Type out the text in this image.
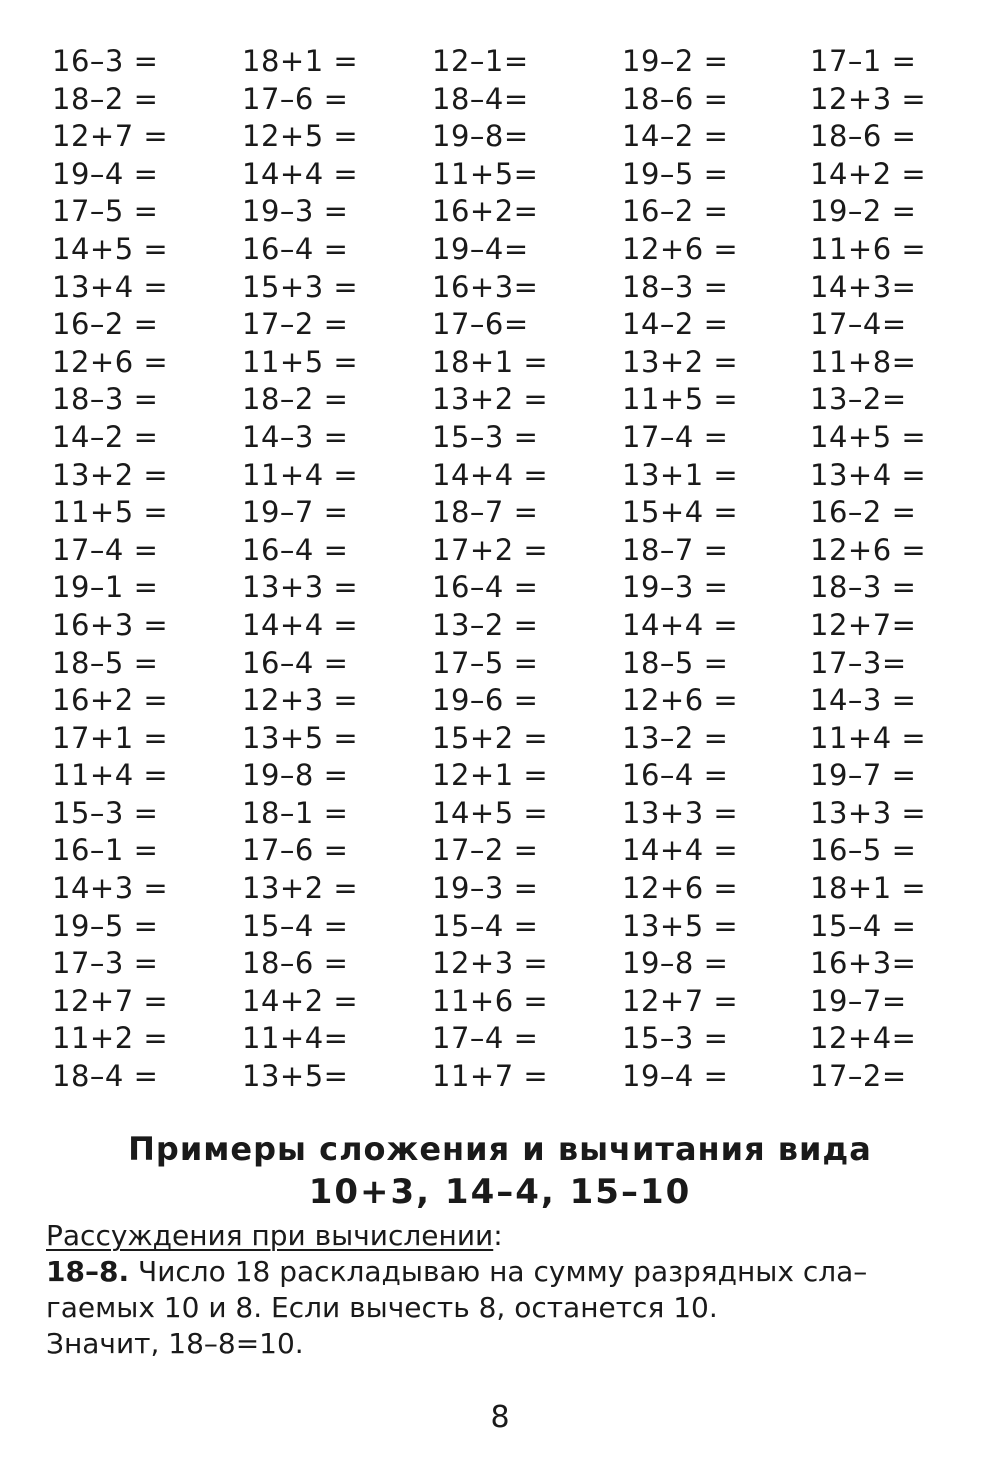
16–3 =
18–2 =
12+7 =
19–4 =
17–5 =
14+5 =
13+4 =
16–2 =
12+6 =
18–3 =
14–2 =
13+2 =
11+5 =
17–4 =
19–1 =
16+3 =
18–5 =
16+2 =
17+1 =
11+4 =
15–3 =
16–1 =
14+3 =
19–5 =
17–3 =
12+7 =
11+2 =
18–4 =
18+1 =
17–6 =
12+5 =
14+4 =
19–3 =
16–4 =
15+3 =
17–2 =
11+5 =
18–2 =
14–3 =
11+4 =
19–7 =
16–4 =
13+3 =
14+4 =
16–4 =
12+3 =
13+5 =
19–8 =
18–1 =
17–6 =
13+2 =
15–4 =
18–6 =
14+2 =
11+4=
13+5=
12–1=
18–4=
19–8=
11+5=
16+2=
19–4=
16+3=
17–6=
18+1 =
13+2 =
15–3 =
14+4 =
18–7 =
17+2 =
16–4 =
13–2 =
17–5 =
19–6 =
15+2 =
12+1 =
14+5 =
17–2 =
19–3 =
15–4 =
12+3 =
11+6 =
17–4 =
11+7 =
19–2 =
18–6 =
14–2 =
19–5 =
16–2 =
12+6 =
18–3 =
14–2 =
13+2 =
11+5 =
17–4 =
13+1 =
15+4 =
18–7 =
19–3 =
14+4 =
18–5 =
12+6 =
13–2 =
16–4 =
13+3 =
14+4 =
12+6 =
13+5 =
19–8 =
12+7 =
15–3 =
19–4 =
17–1 =
12+3 =
18–6 =
14+2 =
19–2 =
11+6 =
14+3=
17–4=
11+8=
13–2=
14+5 =
13+4 =
16–2 =
12+6 =
18–3 =
12+7=
17–3=
14–3 =
11+4 =
19–7 =
13+3 =
16–5 =
18+1 =
15–4 =
16+3=
19–7=
12+4=
17–2=
Примеры сложения и вычитания вида
10+3, 14–4, 15–10
Рассуждения при вычислении:
18–8. Число 18 раскладываю на сумму разрядных сла–
гаемых 10 и 8. Если вычесть 8, останется 10.
Значит, 18–8=10.
8
